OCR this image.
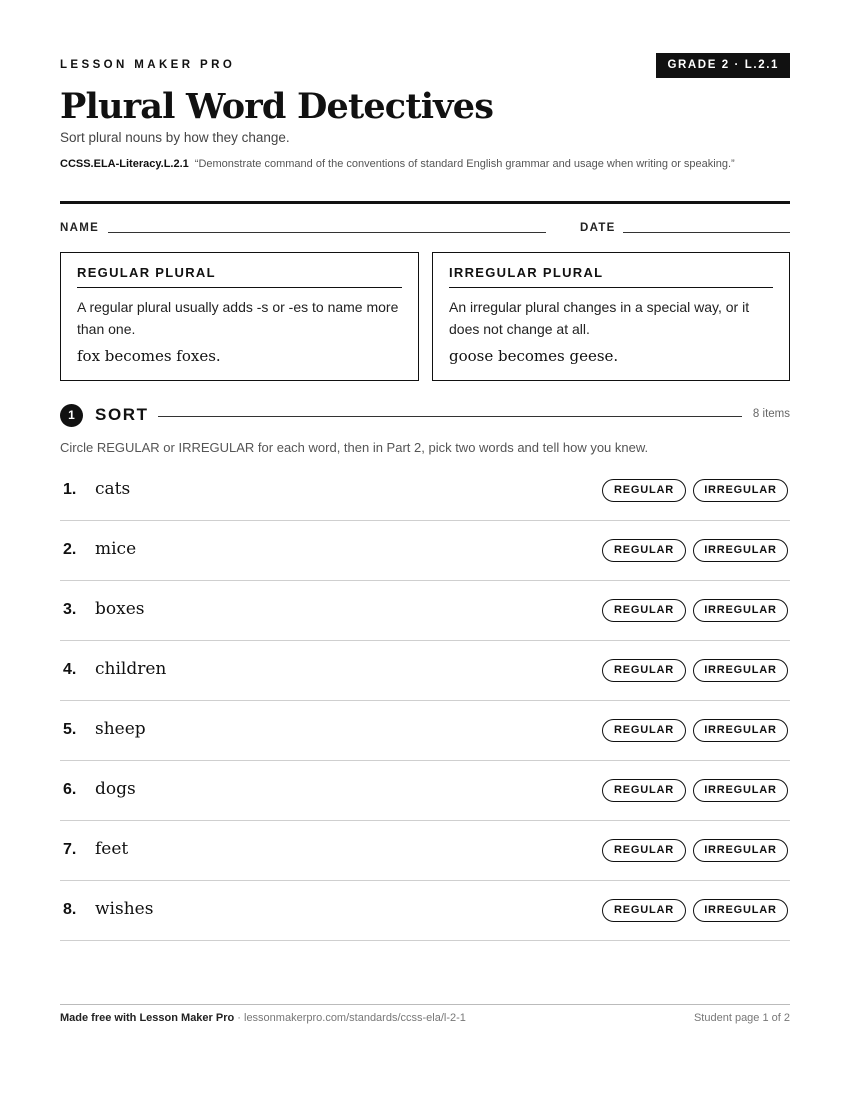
LESSON MAKER PRO	GRADE 2 · L.2.1
Plural Word Detectives
Sort plural nouns by how they change.
CCSS.ELA-Literacy.L.2.1 “Demonstrate command of the conventions of standard English grammar and usage when writing or speaking.”
NAME	DATE
REGULAR PLURAL
A regular plural usually adds -s or -es to name more than one.
fox becomes foxes.
IRREGULAR PLURAL
An irregular plural changes in a special way, or it does not change at all.
goose becomes geese.
1	SORT	8 items
Circle REGULAR or IRREGULAR for each word, then in Part 2, pick two words and tell how you knew.
1. cats	REGULAR	IRREGULAR
2. mice	REGULAR	IRREGULAR
3. boxes	REGULAR	IRREGULAR
4. children	REGULAR	IRREGULAR
5. sheep	REGULAR	IRREGULAR
6. dogs	REGULAR	IRREGULAR
7. feet	REGULAR	IRREGULAR
8. wishes	REGULAR	IRREGULAR
Made free with Lesson Maker Pro · lessonmakerpro.com/standards/ccss-ela/l-2-1	Student page 1 of 2
